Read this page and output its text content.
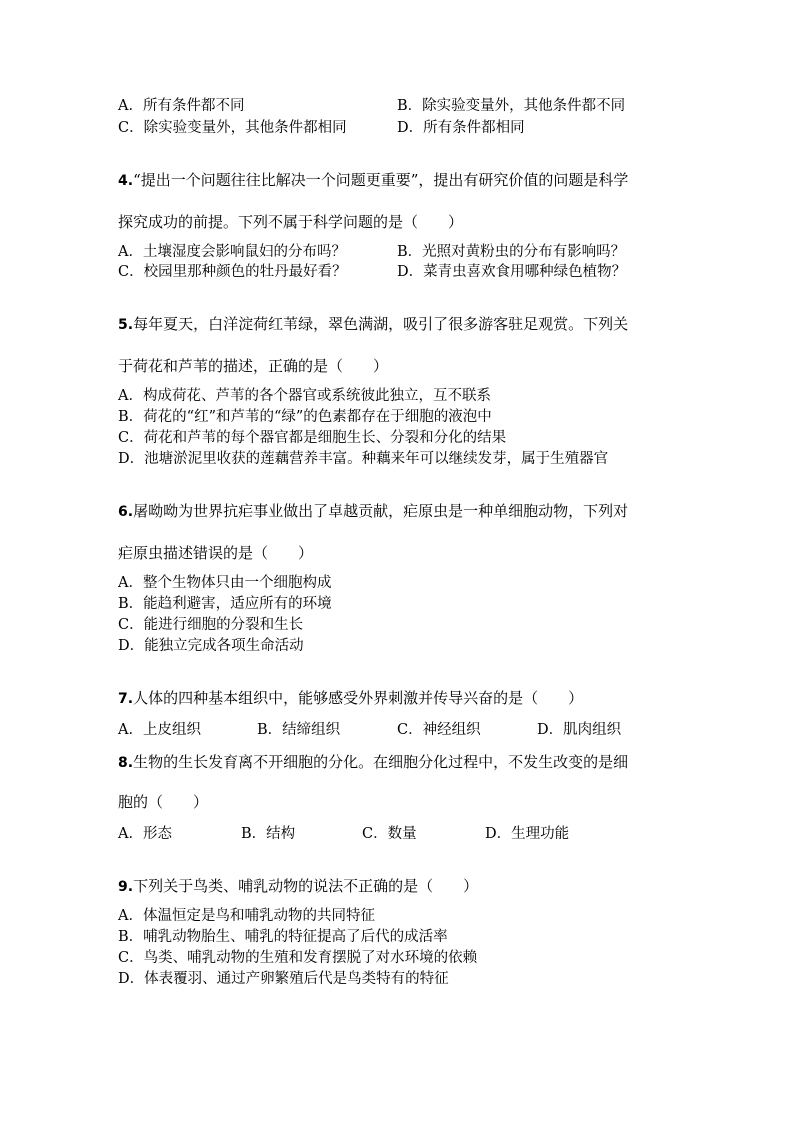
A．所有条件都不同	B．除实验变量外，其他条件都不同
C．除实验变量外，其他条件都相同	D．所有条件都相同
4.“提出一个问题往往比解决一个问题更重要”，提出有研究价值的问题是科学
探究成功的前提。下列不属于科学问题的是（　　）
A．土壤湿度会影响鼠妇的分布吗？	B．光照对黄粉虫的分布有影响吗？
C．校园里那种颜色的牡丹最好看？	D．菜青虫喜欢食用哪种绿色植物？
5.每年夏天，白洋淀荷红苇绿，翠色满湖，吸引了很多游客驻足观赏。下列关
于荷花和芦苇的描述，正确的是（　　）
A．构成荷花、芦苇的各个器官或系统彼此独立，互不联系
B．荷花的“红”和芦苇的“绿”的色素都存在于细胞的液泡中
C．荷花和芦苇的每个器官都是细胞生长、分裂和分化的结果
D．池塘淤泥里收获的莲藕营养丰富。种藕来年可以继续发芽，属于生殖器官
6.屠呦呦为世界抗疟事业做出了卓越贡献，疟原虫是一种单细胞动物，下列对
疟原虫描述错误的是（　　）
A．整个生物体只由一个细胞构成
B．能趋利避害，适应所有的环境
C．能进行细胞的分裂和生长
D．能独立完成各项生命活动
7.人体的四种基本组织中，能够感受外界刺激并传导兴奋的是（　　）
A．上皮组织	B．结缔组织	C．神经组织	D．肌肉组织
8.生物的生长发育离不开细胞的分化。在细胞分化过程中，不发生改变的是细
胞的（　　）
A．形态	B．结构	C．数量	D．生理功能
9.下列关于鸟类、哺乳动物的说法不正确的是（　　）
A．体温恒定是鸟和哺乳动物的共同特征
B．哺乳动物胎生、哺乳的特征提高了后代的成活率
C．鸟类、哺乳动物的生殖和发育摆脱了对水环境的依赖
D．体表覆羽、通过产卵繁殖后代是鸟类特有的特征
